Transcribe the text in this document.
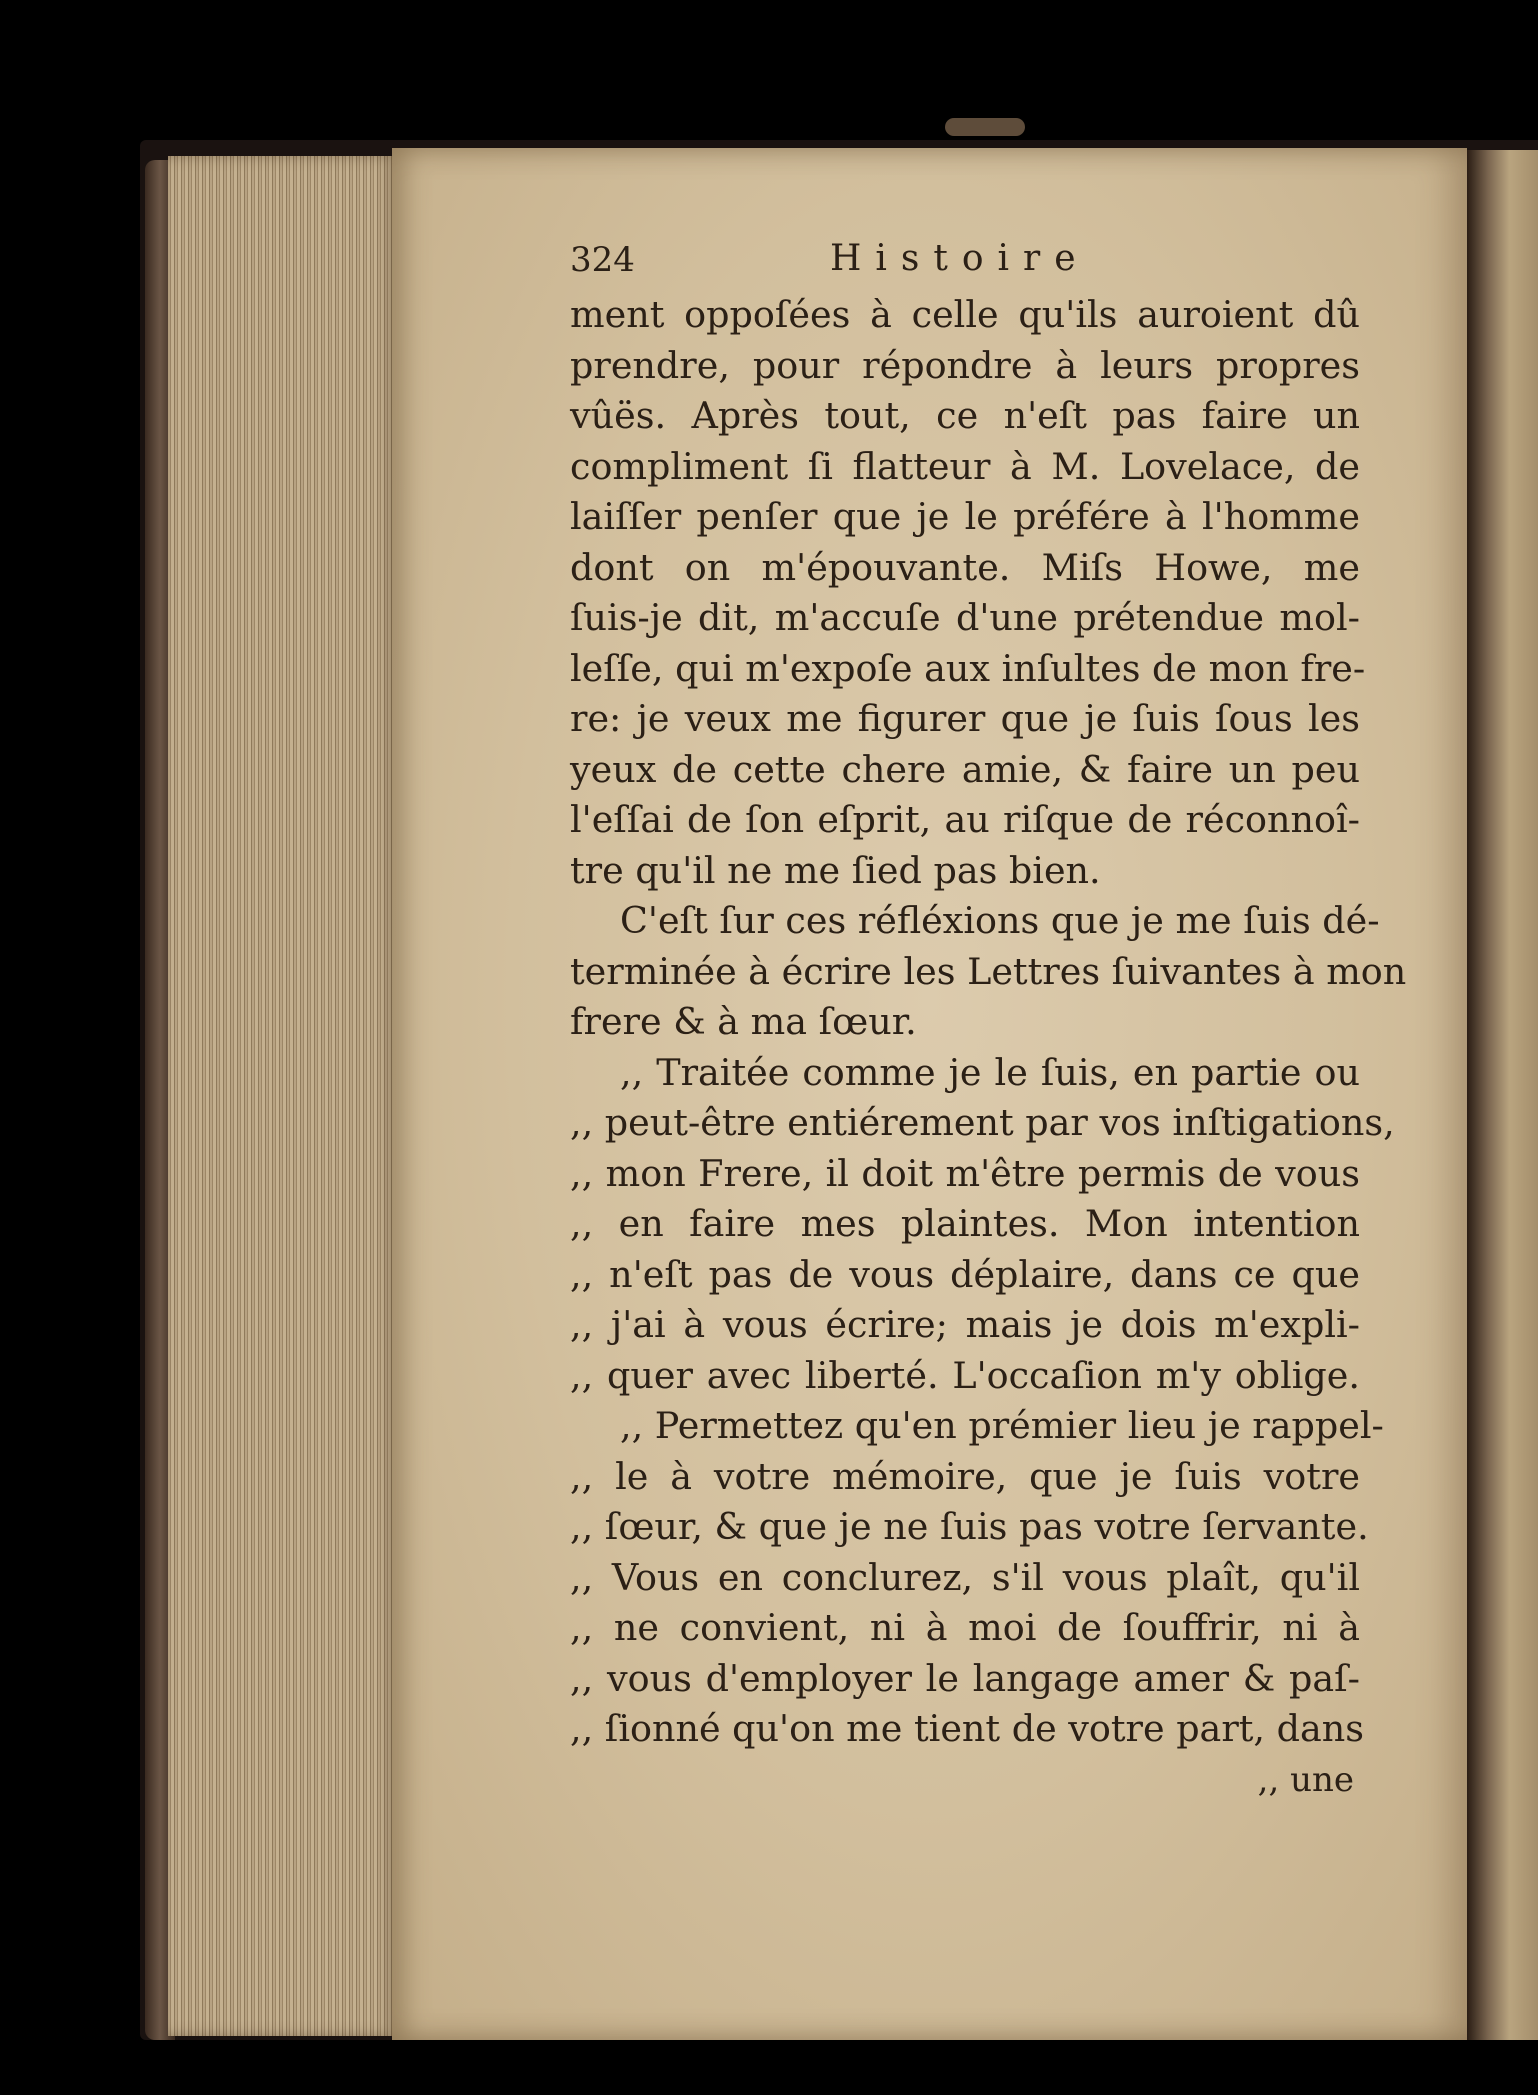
324	Histoire
ment oppoſées à celle qu'ils auroient dû
prendre, pour répondre à leurs propres
vûës. Après tout, ce n'eſt pas faire un
compliment ſi flatteur à M. Lovelace, de
laiſſer penſer que je le préfére à l'homme
dont on m'épouvante. Miſs Howe, me
ſuis-je dit, m'accuſe d'une prétendue mol-
leſſe, qui m'expoſe aux inſultes de mon fre-
re: je veux me figurer que je ſuis ſous les
yeux de cette chere amie, & faire un peu
l'eſſai de ſon eſprit, au riſque de réconnoî-
tre qu'il ne me ſied pas bien.
C'eſt ſur ces réfléxions que je me ſuis dé-
terminée à écrire les Lettres ſuivantes à mon
frere & à ma ſœur.
,, Traitée comme je le ſuis, en partie ou
,, peut-être entiérement par vos inſtigations,
,, mon Frere, il doit m'être permis de vous
,, en faire mes plaintes. Mon intention
,, n'eſt pas de vous déplaire, dans ce que
,, j'ai à vous écrire; mais je dois m'expli-
,, quer avec liberté. L'occaſion m'y oblige.
,, Permettez qu'en prémier lieu je rappel-
,, le à votre mémoire, que je ſuis votre
,, ſœur, & que je ne ſuis pas votre ſervante.
,, Vous en conclurez, s'il vous plaît, qu'il
,, ne convient, ni à moi de ſouffrir, ni à
,, vous d'employer le langage amer & paſ-
,, ſionné qu'on me tient de votre part, dans
,, une
